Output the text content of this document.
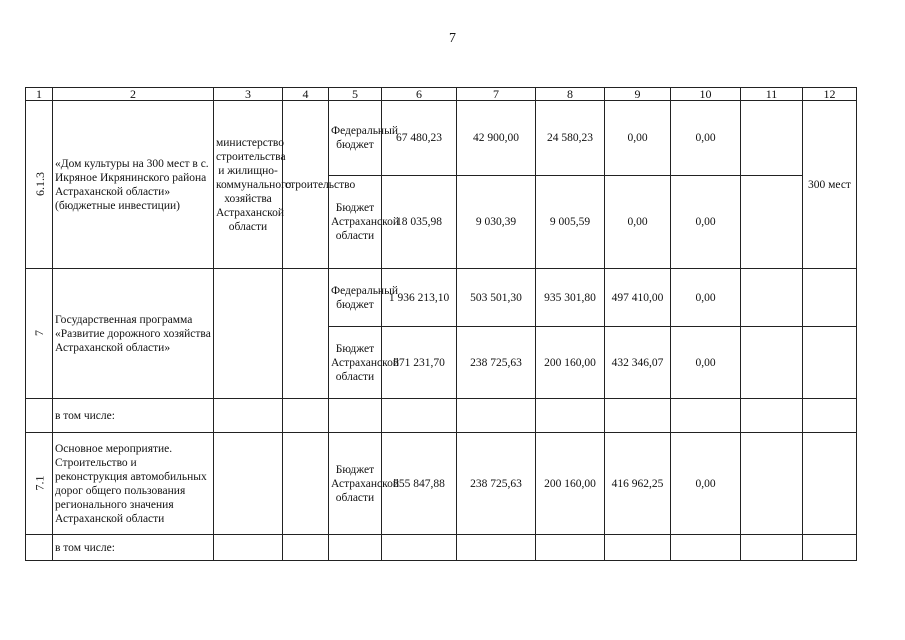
7
1	2	3	4	5	6	7	8	9	10	11	12
6.1.3	«Дом культуры на 300 мест в с. Икряное Икрянинского района Астраханской области» (бюджетные инвестиции)	министерство строительства и жилищно-коммунального хозяйства Астраханской области	строительство	Федеральный бюджет	67 480,23	42 900,00	24 580,23	0,00	0,00		300 мест
				Бюджет Астраханской области	18 035,98	9 030,39	9 005,59	0,00	0,00		
7	Государственная программа «Развитие дорожного хозяйства Астраханской области»			Федеральный бюджет	1 936 213,10	503 501,30	935 301,80	497 410,00	0,00		
				Бюджет Астраханской области	871 231,70	238 725,63	200 160,00	432 346,07	0,00		
	в том числе:										
7.1	Основное мероприятие. Строительство и реконструкция автомобильных дорог общего пользования регионального значения Астраханской области			Бюджет Астраханской области	855 847,88	238 725,63	200 160,00	416 962,25	0,00		
	в том числе:										
